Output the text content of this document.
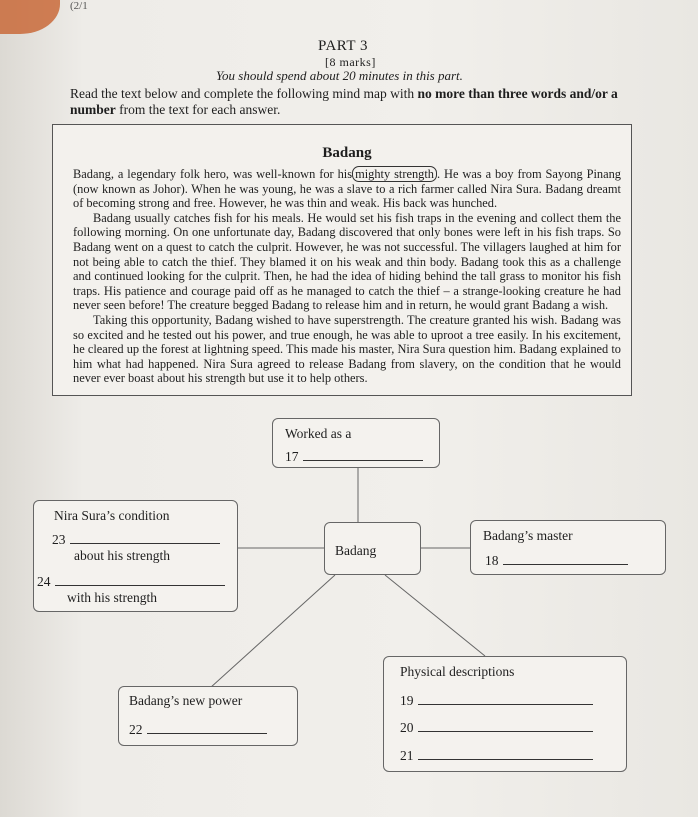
(2/1
PART 3
[8 marks]
You should spend about 20 minutes in this part.
Read the text below and complete the following mind map with no more than three words and/or a number from the text for each answer.
Badang

Badang, a legendary folk hero, was well-known for his mighty strength . He was a boy from Sayong Pinang (now known as Johor). When he was young, he was a slave to a rich farmer called Nira Sura. Badang dreamt of becoming strong and free. However, he was thin and weak. His back was hunched.

Badang usually catches fish for his meals. He would set his fish traps in the evening and collect them the following morning. On one unfortunate day, Badang discovered that only bones were left in his fish traps. So Badang went on a quest to catch the culprit. However, he was not successful. The villagers laughed at him for not being able to catch the thief. They blamed it on his weak and thin body. Badang took this as a challenge and continued looking for the culprit. Then, he had the idea of hiding behind the tall grass to monitor his fish traps. His patience and courage paid off as he managed to catch the thief – a strange-looking creature he had never seen before! The creature begged Badang to release him and in return, he would grant Badang a wish.

Taking this opportunity, Badang wished to have superstrength. The creature granted his wish. Badang was so excited and he tested out his power, and true enough, he was able to uproot a tree easily. In his excitement, he cleared up the forest at lightning speed. This made his master, Nira Sura question him. Badang explained to him what had happened. Nira Sura agreed to release Badang from slavery, on the condition that he would never ever boast about his strength but use it to help others.

Worked as a
17
Nira Sura’s condition
23
about his strength
24
with his strength
Badang
Badang’s master
18
Badang’s new power
22
Physical descriptions
19
20
21
